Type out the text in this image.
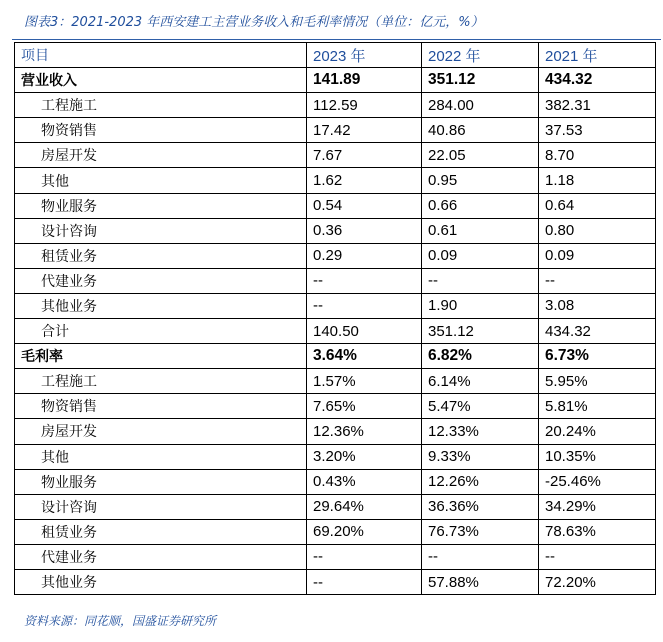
图表3：2021-2023 年西安建工主营业务收入和毛利率情况（单位：亿元，%）
项目	2023 年	2022 年	2021 年
营业收入	141.89	351.12	434.32
工程施工	112.59	284.00	382.31
物资销售	17.42	40.86	37.53
房屋开发	7.67	22.05	8.70
其他	1.62	0.95	1.18
物业服务	0.54	0.66	0.64
设计咨询	0.36	0.61	0.80
租赁业务	0.29	0.09	0.09
代建业务	--	--	--
其他业务	--	1.90	3.08
合计	140.50	351.12	434.32
毛利率	3.64%	6.82%	6.73%
工程施工	1.57%	6.14%	5.95%
物资销售	7.65%	5.47%	5.81%
房屋开发	12.36%	12.33%	20.24%
其他	3.20%	9.33%	10.35%
物业服务	0.43%	12.26%	-25.46%
设计咨询	29.64%	36.36%	34.29%
租赁业务	69.20%	76.73%	78.63%
代建业务	--	--	--
其他业务	--	57.88%	72.20%
资料来源：同花顺，国盛证券研究所
